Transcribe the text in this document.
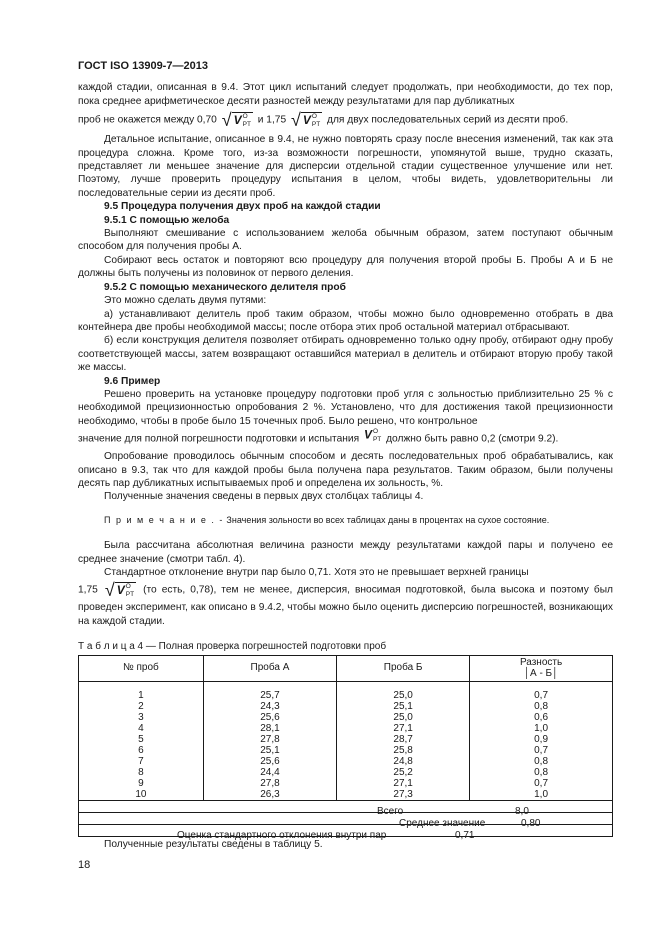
ГОСТ ISO 13909-7—2013

каждой стадии, описанная в 9.4. Этот цикл испытаний следует продолжать, при необходимости, до тех пор, пока среднее арифметическое десяти разностей между результатами для пар дубликатных

проб не окажется между 0,70 √ VO
PT и 1,75 √ VO
PT для двух последовательных серий из десяти проб.

Детальное испытание, описанное в 9.4, не нужно повторять сразу после внесения изменений, так как эта процедура сложна. Кроме того, из-за возможности погрешности, упомянутой выше, трудно сказать, представляет ли меньшее значение для дисперсии отдельной стадии существенное улучшение или нет. Поэтому, лучше проверить процедуру испытания в целом, чтобы видеть, удовлетворительны ли последовательные серии из десяти проб.

9.5 Процедура получения двух проб на каждой стадии

9.5.1 С помощью желоба

Выполняют смешивание с использованием желоба обычным образом, затем поступают обычным способом для получения пробы А.

Собирают весь остаток и повторяют всю процедуру для получения второй пробы Б. Пробы А и Б не должны быть получены из половинок от первого деления.

9.5.2 С помощью механического делителя проб

Это можно сделать двумя путями:

а) устанавливают делитель проб таким образом, чтобы можно было одновременно отобрать в два контейнера две пробы необходимой массы; после отбора этих проб остальной материал отбрасывают.

б) если конструкция делителя позволяет отбирать одновременно только одну пробу, отбирают одну пробу соответствующей массы, затем возвращают оставшийся материал в делитель и отбирают вторую пробу такой же массы.

9.6 Пример

Решено проверить на установке процедуру подготовки проб угля с зольностью приблизительно 25 % с необходимой прецизионностью опробования 2 %. Установлено, что для достижения такой прецизионности необходимо, чтобы в пробе было 15 точечных проб. Было решено, что контрольное

значение для полной погрешности подготовки и испытания VO
PT должно быть равно 0,2 (смотри 9.2).

Опробование проводилось обычным способом и десять последовательных проб обрабатывались, как описано в 9.3, так что для каждой пробы была получена пара результатов. Таким образом, были получены десять пар дубликатных испытываемых проб и определена их зольность, %.

Полученные значения сведены в первых двух столбцах таблицы 4.

П р и м е ч а н и е . - Значения зольности во всех таблицах даны в процентах на сухое состояние.

Была рассчитана абсолютная величина разности между результатами каждой пары и получено ее среднее значение (смотри табл. 4).

Стандартное отклонение внутри пар было 0,71. Хотя это не превышает верхней границы

1,75 √ VO
PT (то есть, 0,78), тем не менее, дисперсия, вносимая подготовкой, была высока и поэтому был проведен эксперимент, как описано в 9.4.2, чтобы можно было оценить дисперсию погрешностей, возникающих на каждой стадии.

Т а б л и ц а 4 — Полная проверка погрешностей подготовки проб
№ проб	Проба А	Проба Б	Разность
│А - Б│
1	25,7	25,0	0,7
2	24,3	25,1	0,8
3	25,6	25,0	0,6
4	28,1	27,1	1,0
5	27,8	28,7	0,9
6	25,1	25,8	0,7
7	25,6	24,8	0,8
8	24,4	25,2	0,8
9	27,8	27,1	0,7
10	26,3	27,3	1,0

Всего 8,0			

Среднее значение 0,80			

Оценка стандартного отклонения внутри пар 0,71			

Полученные результаты сведены в таблицу 5.

18
